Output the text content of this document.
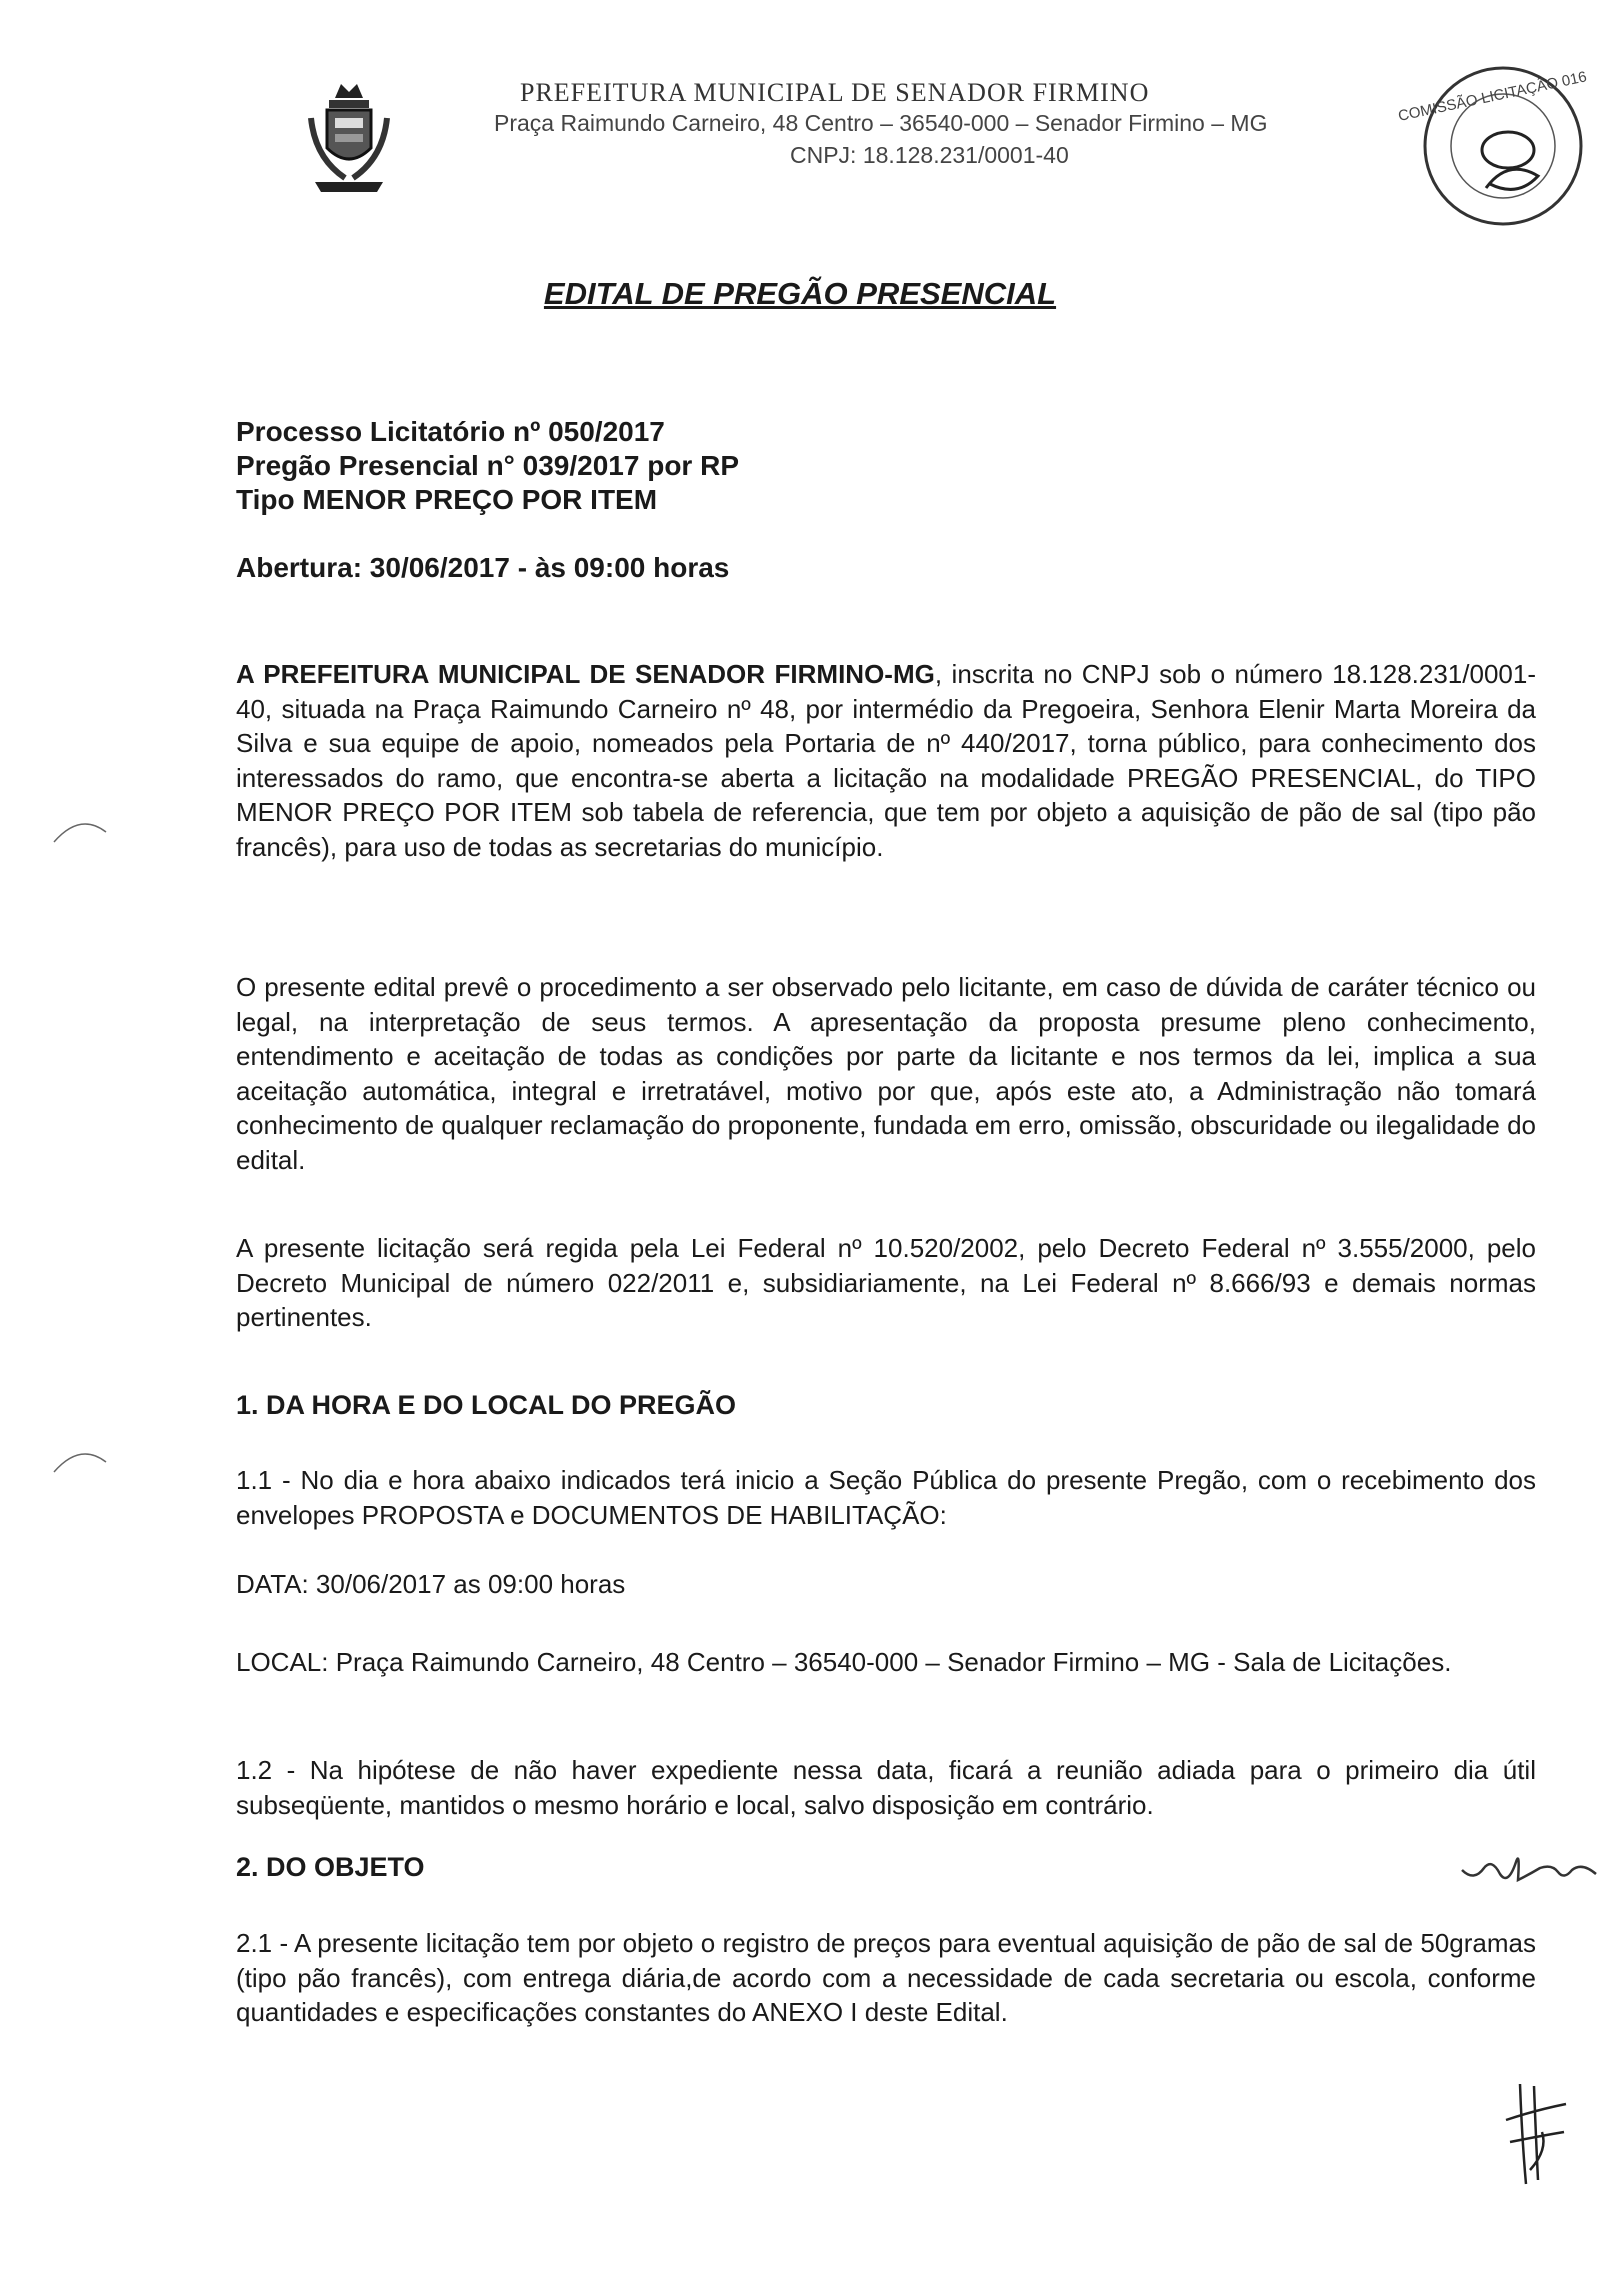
PREFEITURA MUNICIPAL DE SENADOR FIRMINO
Praça Raimundo Carneiro, 48 Centro – 36540-000 – Senador Firmino – MG
CNPJ: 18.128.231/0001-40
COMISSÃO LICITAÇÃO 016
EDITAL DE PREGÃO PRESENCIAL
Processo Licitatório nº 050/2017
Pregão Presencial n° 039/2017 por RP
Tipo MENOR PREÇO POR ITEM
Abertura: 30/06/2017 - às 09:00 horas
A PREFEITURA MUNICIPAL DE SENADOR FIRMINO-MG, inscrita no CNPJ sob o número 18.128.231/0001-40, situada na Praça Raimundo Carneiro nº 48, por intermédio da Pregoeira, Senhora Elenir Marta Moreira da Silva e sua equipe de apoio, nomeados pela Portaria de nº 440/2017, torna público, para conhecimento dos interessados do ramo, que encontra-se aberta a licitação na modalidade PREGÃO PRESENCIAL, do TIPO MENOR PREÇO POR ITEM sob tabela de referencia, que tem por objeto a aquisição de pão de sal (tipo pão francês), para uso de todas as secretarias do município.
O presente edital prevê o procedimento a ser observado pelo licitante, em caso de dúvida de caráter técnico ou legal, na interpretação de seus termos. A apresentação da proposta presume pleno conhecimento, entendimento e aceitação de todas as condições por parte da licitante e nos termos da lei, implica a sua aceitação automática, integral e irretratável, motivo por que, após este ato, a Administração não tomará conhecimento de qualquer reclamação do proponente, fundada em erro, omissão, obscuridade ou ilegalidade do edital.
A presente licitação será regida pela Lei Federal nº 10.520/2002, pelo Decreto Federal nº 3.555/2000, pelo Decreto Municipal de número 022/2011 e, subsidiariamente, na Lei Federal nº 8.666/93 e demais normas pertinentes.
1. DA HORA E DO LOCAL DO PREGÃO
1.1 - No dia e hora abaixo indicados terá inicio a Seção Pública do presente Pregão, com o recebimento dos envelopes PROPOSTA e DOCUMENTOS DE HABILITAÇÃO:
DATA: 30/06/2017 as 09:00 horas
LOCAL: Praça Raimundo Carneiro, 48 Centro – 36540-000 – Senador Firmino – MG - Sala de Licitações.
1.2 - Na hipótese de não haver expediente nessa data, ficará a reunião adiada para o primeiro dia útil subseqüente, mantidos o mesmo horário e local, salvo disposição em contrário.
2. DO OBJETO
2.1 - A presente licitação tem por objeto o registro de preços para eventual aquisição de pão de sal de 50gramas (tipo pão francês), com entrega diária,de acordo com a necessidade de cada secretaria ou escola, conforme quantidades e especificações constantes do ANEXO I deste Edital.
